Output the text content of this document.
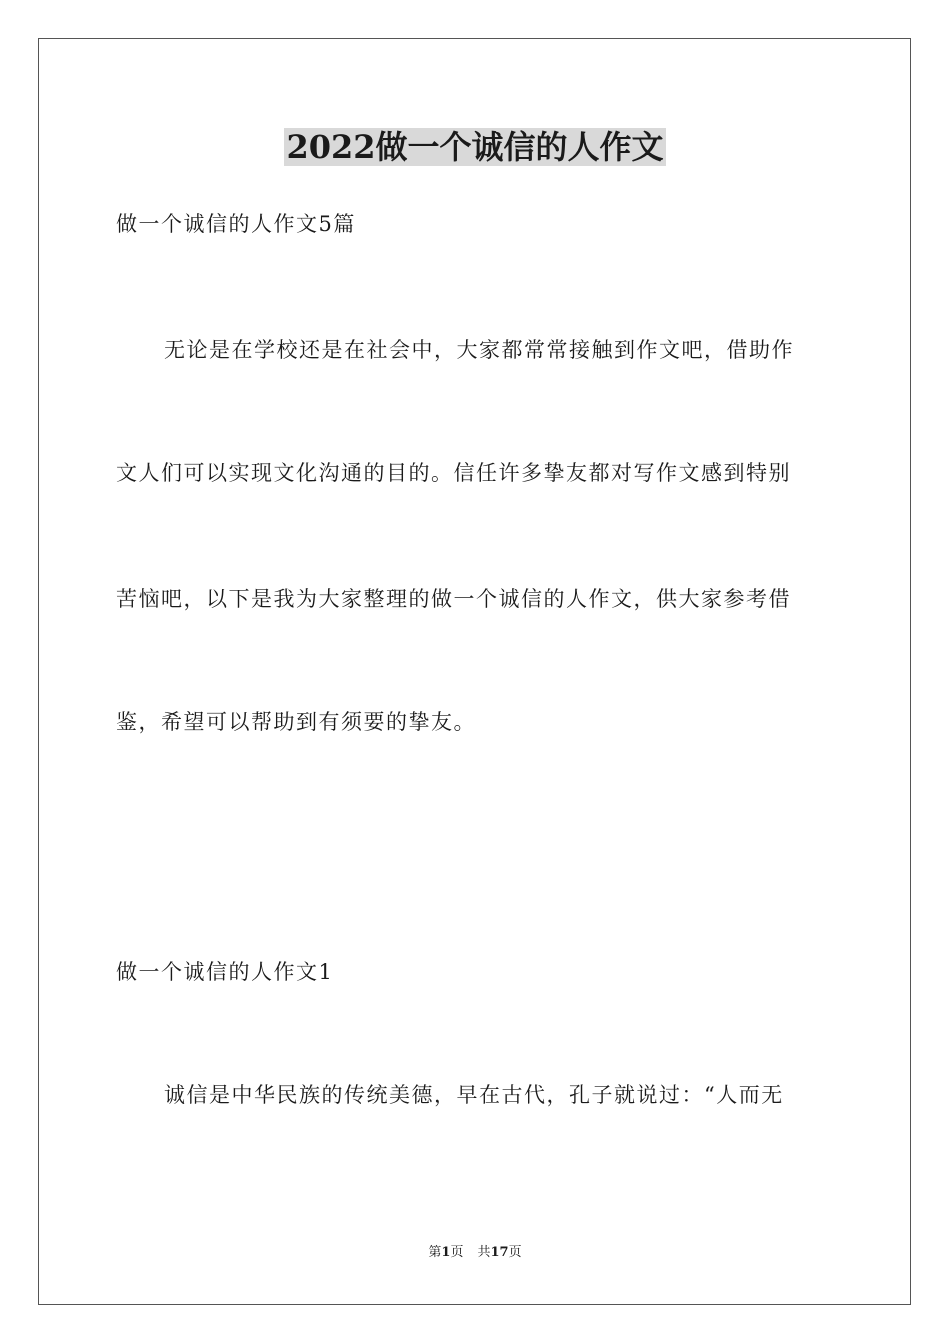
2022做一个诚信的人作文
做一个诚信的人作文5篇
无论是在学校还是在社会中，大家都常常接触到作文吧，借助作
文人们可以实现文化沟通的目的。信任许多挚友都对写作文感到特别
苦恼吧，以下是我为大家整理的做一个诚信的人作文，供大家参考借
鉴，希望可以帮助到有须要的挚友。
做一个诚信的人作文1
诚信是中华民族的传统美德，早在古代，孔子就说过：“人而无
第1页 共17页
